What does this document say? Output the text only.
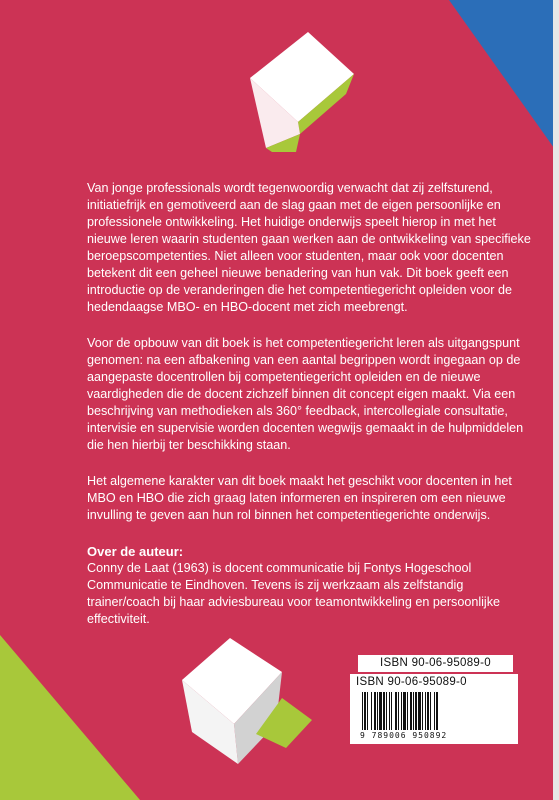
Van jonge professionals wordt tegenwoordig verwacht dat zij zelfsturend, initiatiefrijk en gemotiveerd aan de slag gaan met de eigen persoonlijke en professionele ontwikkeling. Het huidige onderwijs speelt hierop in met het nieuwe leren waarin studenten gaan werken aan de ontwikkeling van specifieke beroepscompetenties. Niet alleen voor studenten, maar ook voor docenten betekent dit een geheel nieuwe benadering van hun vak. Dit boek geeft een introductie op de veranderingen die het competentiegericht opleiden voor de hedendaagse MBO- en HBO-docent met zich meebrengt.

Voor de opbouw van dit boek is het competentiegericht leren als uitgangspunt genomen: na een afbakening van een aantal begrippen wordt ingegaan op de aangepaste docentrollen bij competentiegericht opleiden en de nieuwe vaardigheden die de docent zichzelf binnen dit concept eigen maakt. Via een beschrijving van methodieken als 360° feedback, intercollegiale consultatie, intervisie en supervisie worden docenten wegwijs gemaakt in de hulpmiddelen die hen hierbij ter beschikking staan.

Het algemene karakter van dit boek maakt het geschikt voor docenten in het MBO en HBO die zich graag laten informeren en inspireren om een nieuwe invulling te geven aan hun rol binnen het competentiegerichte onderwijs.

Over de auteur:

Conny de Laat (1963) is docent communicatie bij Fontys Hogeschool Communicatie te Eindhoven. Tevens is zij werkzaam als zelfstandig trainer/coach bij haar adviesbureau voor teamontwikkeling en persoonlijke effectiviteit.

ISBN 90-06-95089-0
ISBN 90-06-95089-0
9 789006 950892
